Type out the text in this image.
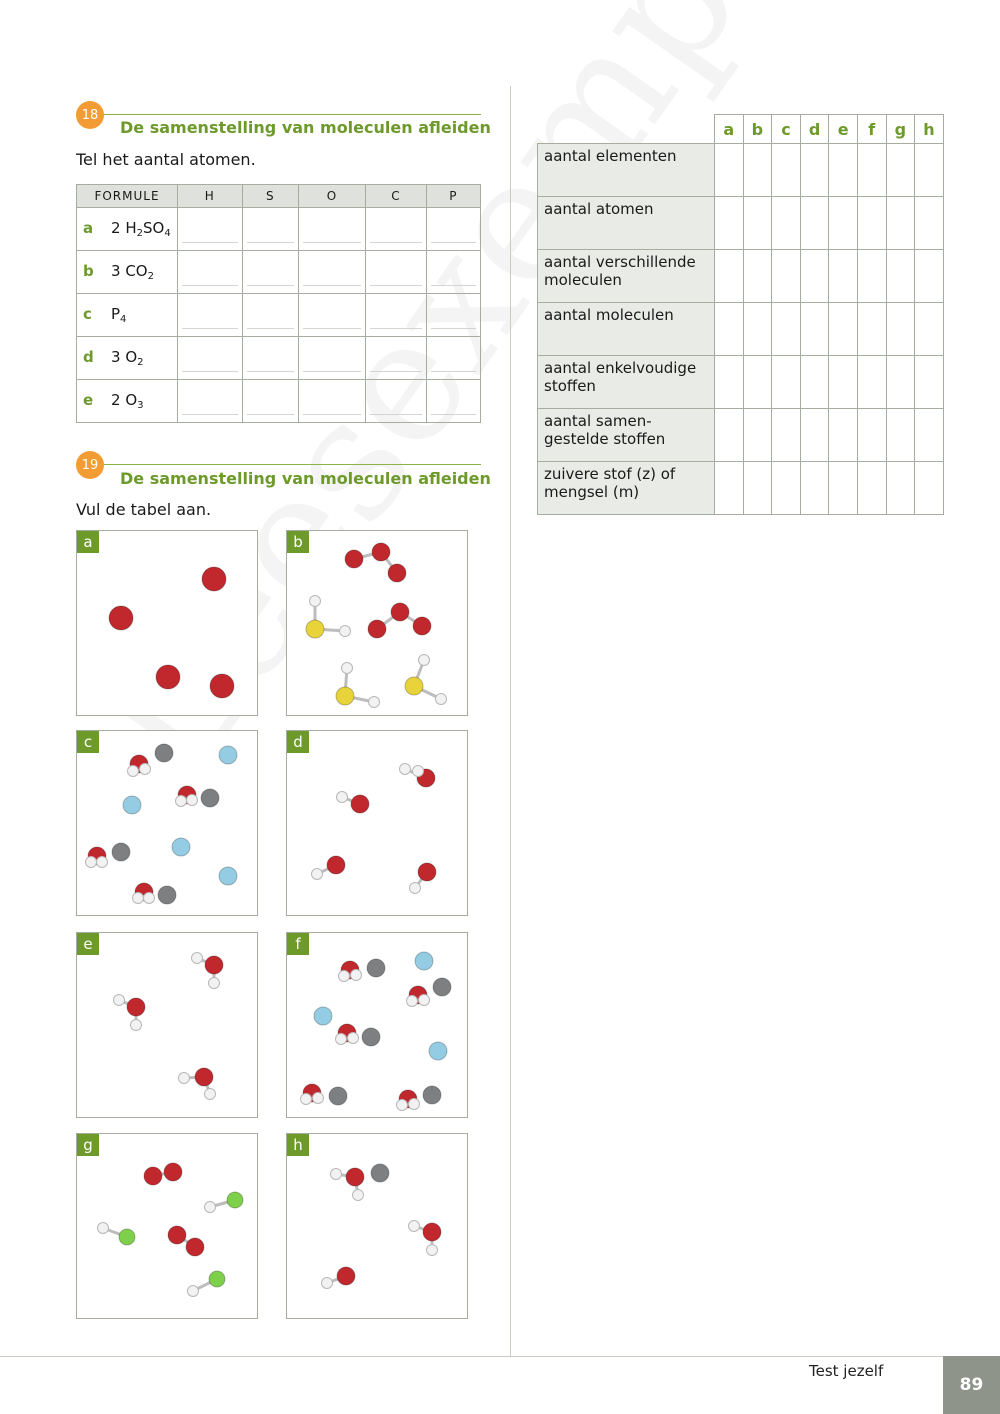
18
De samenstelling van moleculen afleiden
Tel het aantal atomen.
FORMULE	H	S	O	C	P
a 2 $H_2SO_4$					
b 3 $CO_2$					
c $P_4$					
d 3 $O_2$					
e 2 $O_3$					
19
De samenstelling van moleculen afleiden
Vul de tabel aan.
	a	b	c	d	e	f	g	h
aantal elementen								
aantal atomen								
aantal verschillende moleculen								
aantal moleculen								
aantal enkelvoudige stoffen								
aantal samen-gestelde stoffen								
zuivere stof (z) of mengsel (m)								
a	b
c	d
e	f
g	h
Test jezelf
89
